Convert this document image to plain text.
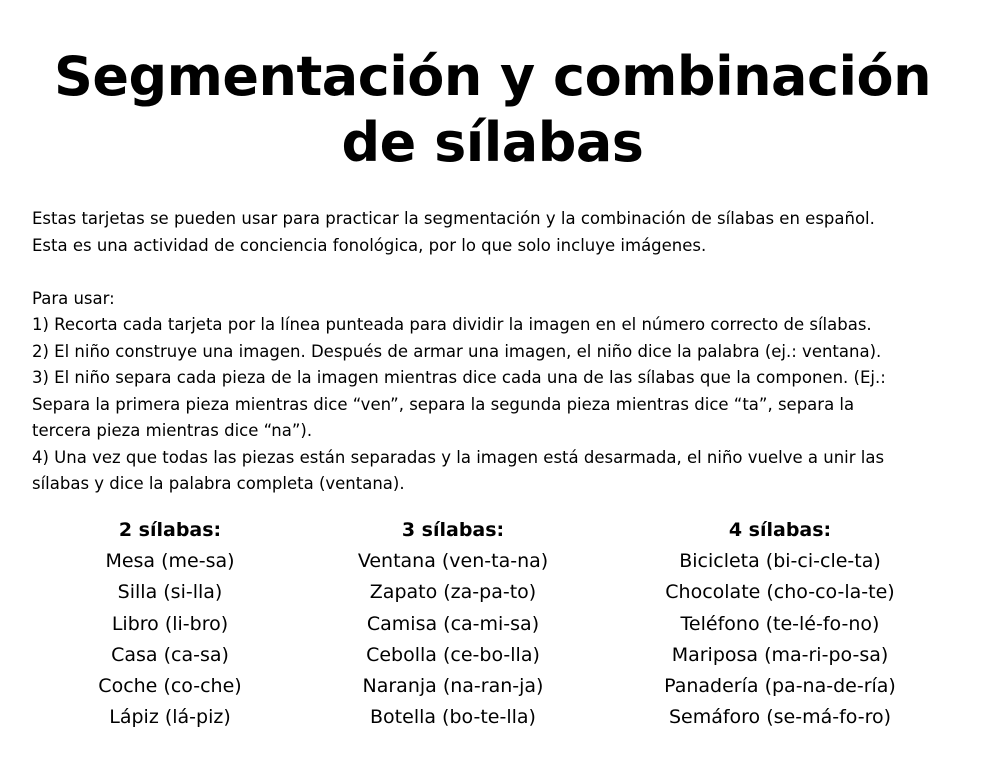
Segmentación y combinación
de sílabas

Estas tarjetas se pueden usar para practicar la segmentación y la combinación de sílabas en español.

Esta es una actividad de conciencia fonológica, por lo que solo incluye imágenes.

Para usar:

1) Recorta cada tarjeta por la línea punteada para dividir la imagen en el número correcto de sílabas.

2) El niño construye una imagen. Después de armar una imagen, el niño dice la palabra (ej.: ventana).

3) El niño separa cada pieza de la imagen mientras dice cada una de las sílabas que la componen. (Ej.:

Separa la primera pieza mientras dice “ven”, separa la segunda pieza mientras dice “ta”, separa la

tercera pieza mientras dice “na”).

4) Una vez que todas las piezas están separadas y la imagen está desarmada, el niño vuelve a unir las

sílabas y dice la palabra completa (ventana).

2 sílabas:
Mesa (me-sa)
Silla (si-lla)
Libro (li-bro)
Casa (ca-sa)
Coche (co-che)
Lápiz (lá-piz)
3 sílabas:
Ventana (ven-ta-na)
Zapato (za-pa-to)
Camisa (ca-mi-sa)
Cebolla (ce-bo-lla)
Naranja (na-ran-ja)
Botella (bo-te-lla)
4 sílabas:
Bicicleta (bi-ci-cle-ta)
Chocolate (cho-co-la-te)
Teléfono (te-lé-fo-no)
Mariposa (ma-ri-po-sa)
Panadería (pa-na-de-ría)
Semáforo (se-má-fo-ro)
